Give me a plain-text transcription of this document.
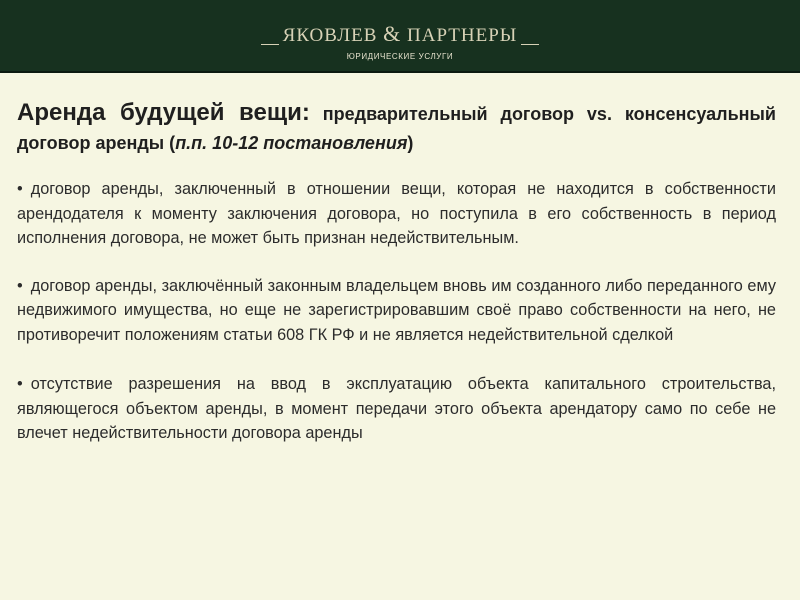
ЯКОВЛЕВ & ПАРТНЕРЫ
ЮРИДИЧЕСКИЕ УСЛУГИ

Аренда будущей вещи: предварительный договор vs. консенсуальный договор аренды (п.п. 10-12 постановления)

• договор аренды, заключенный в отношении вещи, которая не находится в собственности арендодателя к моменту заключения договора, но поступила в его собственность в период исполнения договора, не может быть признан недействительным.

• договор аренды, заключённый законным владельцем вновь им созданного либо переданного ему недвижимого имущества, но еще не зарегистрировавшим своё право собственности на него, не противоречит положениям статьи 608 ГК РФ и не является недействительной сделкой

• отсутствие разрешения на ввод в эксплуатацию объекта капитального строительства, являющегося объектом аренды, в момент передачи этого объекта арендатору само по себе не влечет недействительности договора аренды
